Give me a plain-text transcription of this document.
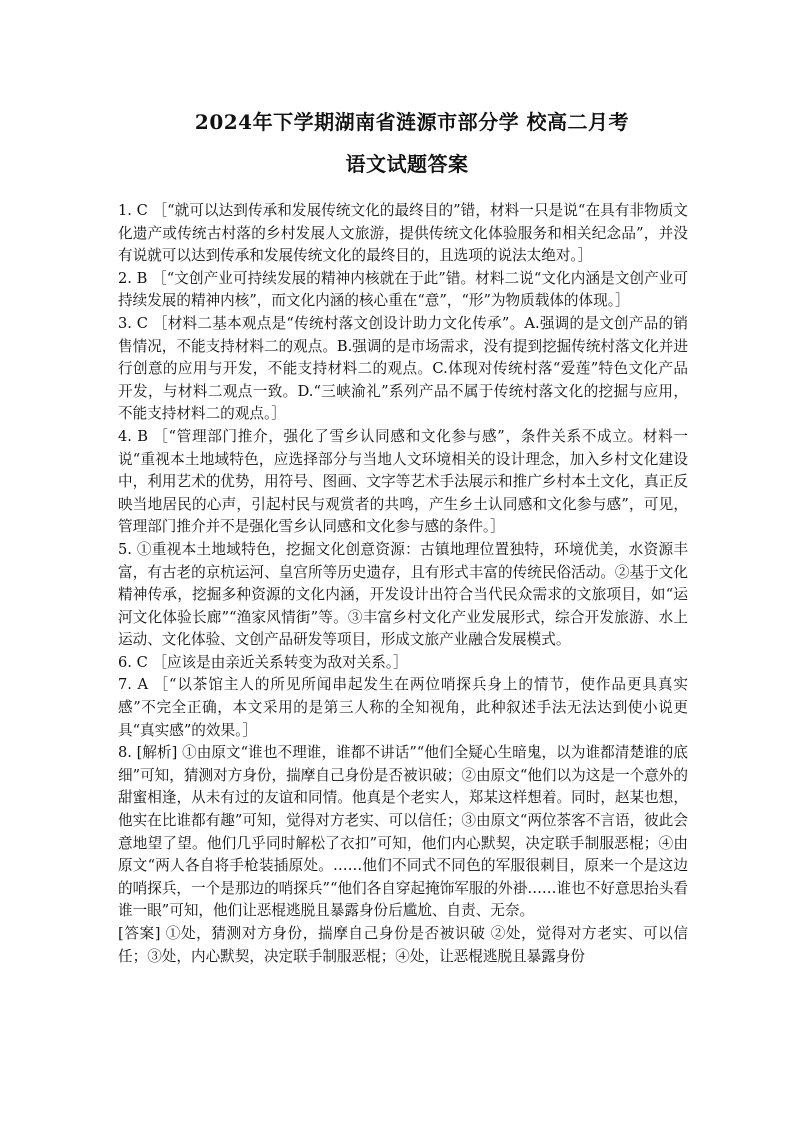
2024年下学期湖南省涟源市部分学 校高二月考
语文试题答案

1. C ［“就可以达到传承和发展传统文化的最终目的”错，材料一只是说“在具有非物质文化遗产或传统古村落的乡村发展人文旅游，提供传统文化体验服务和相关纪念品”，并没有说就可以达到传承和发展传统文化的最终目的，且选项的说法太绝对。］

2. B ［“文创产业可持续发展的精神内核就在于此”错。材料二说“文化内涵是文创产业可持续发展的精神内核”，而文化内涵的核心重在“意”，“形”为物质载体的体现。］

3. C ［材料二基本观点是“传统村落文创设计助力文化传承”。A.强调的是文创产品的销售情况，不能支持材料二的观点。B.强调的是市场需求，没有提到挖掘传统村落文化并进行创意的应用与开发，不能支持材料二的观点。C.体现对传统村落“爱莲”特色文化产品开发，与材料二观点一致。D.“三峡渝礼”系列产品不属于传统村落文化的挖掘与应用，不能支持材料二的观点。］

4. B ［“管理部门推介，强化了雪乡认同感和文化参与感”，条件关系不成立。材料一说“重视本土地域特色，应选择部分与当地人文环境相关的设计理念，加入乡村文化建设中，利用艺术的优势，用符号、图画、文字等艺术手法展示和推广乡村本土文化，真正反映当地居民的心声，引起村民与观赏者的共鸣，产生乡土认同感和文化参与感”，可见，管理部门推介并不是强化雪乡认同感和文化参与感的条件。］

5. ①重视本土地域特色，挖掘文化创意资源：古镇地理位置独特，环境优美，水资源丰富，有古老的京杭运河、皇宫所等历史遗存，且有形式丰富的传统民俗活动。②基于文化精神传承，挖掘多种资源的文化内涵，开发设计出符合当代民众需求的文旅项目，如“运河文化体验长廊”“渔家风情街”等。③丰富乡村文化产业发展形式，综合开发旅游、水上运动、文化体验、文创产品研发等项目，形成文旅产业融合发展模式。

6. C ［应该是由亲近关系转变为敌对关系。］

7. A ［“以茶馆主人的所见所闻串起发生在两位哨探兵身上的情节，使作品更具真实感”不完全正确，本文采用的是第三人称的全知视角，此种叙述手法无法达到使小说更具“真实感”的效果。］

8. [解析] ①由原文“谁也不理谁，谁都不讲话”“他们全疑心生暗鬼，以为谁都清楚谁的底细”可知，猜测对方身份，揣摩自己身份是否被识破；②由原文“他们以为这是一个意外的甜蜜相逢，从未有过的友谊和同情。他真是个老实人，郑某这样想着。同时，赵某也想，他实在比谁都有趣”可知，觉得对方老实、可以信任；③由原文“两位茶客不言语，彼此会意地望了望。他们几乎同时解松了衣扣”可知，他们内心默契，决定联手制服恶棍；④由原文“两人各自将手枪装插原处。……他们不同式不同色的军服很刺目，原来一个是这边的哨探兵，一个是那边的哨探兵”“他们各自穿起掩饰军服的外褂……谁也不好意思抬头看谁一眼”可知，他们让恶棍逃脱且暴露身份后尴尬、自责、无奈。

[答案] ①处，猜测对方身份，揣摩自己身份是否被识破 ②处，觉得对方老实、可以信任；③处，内心默契，决定联手制服恶棍；④处，让恶棍逃脱且暴露身份
